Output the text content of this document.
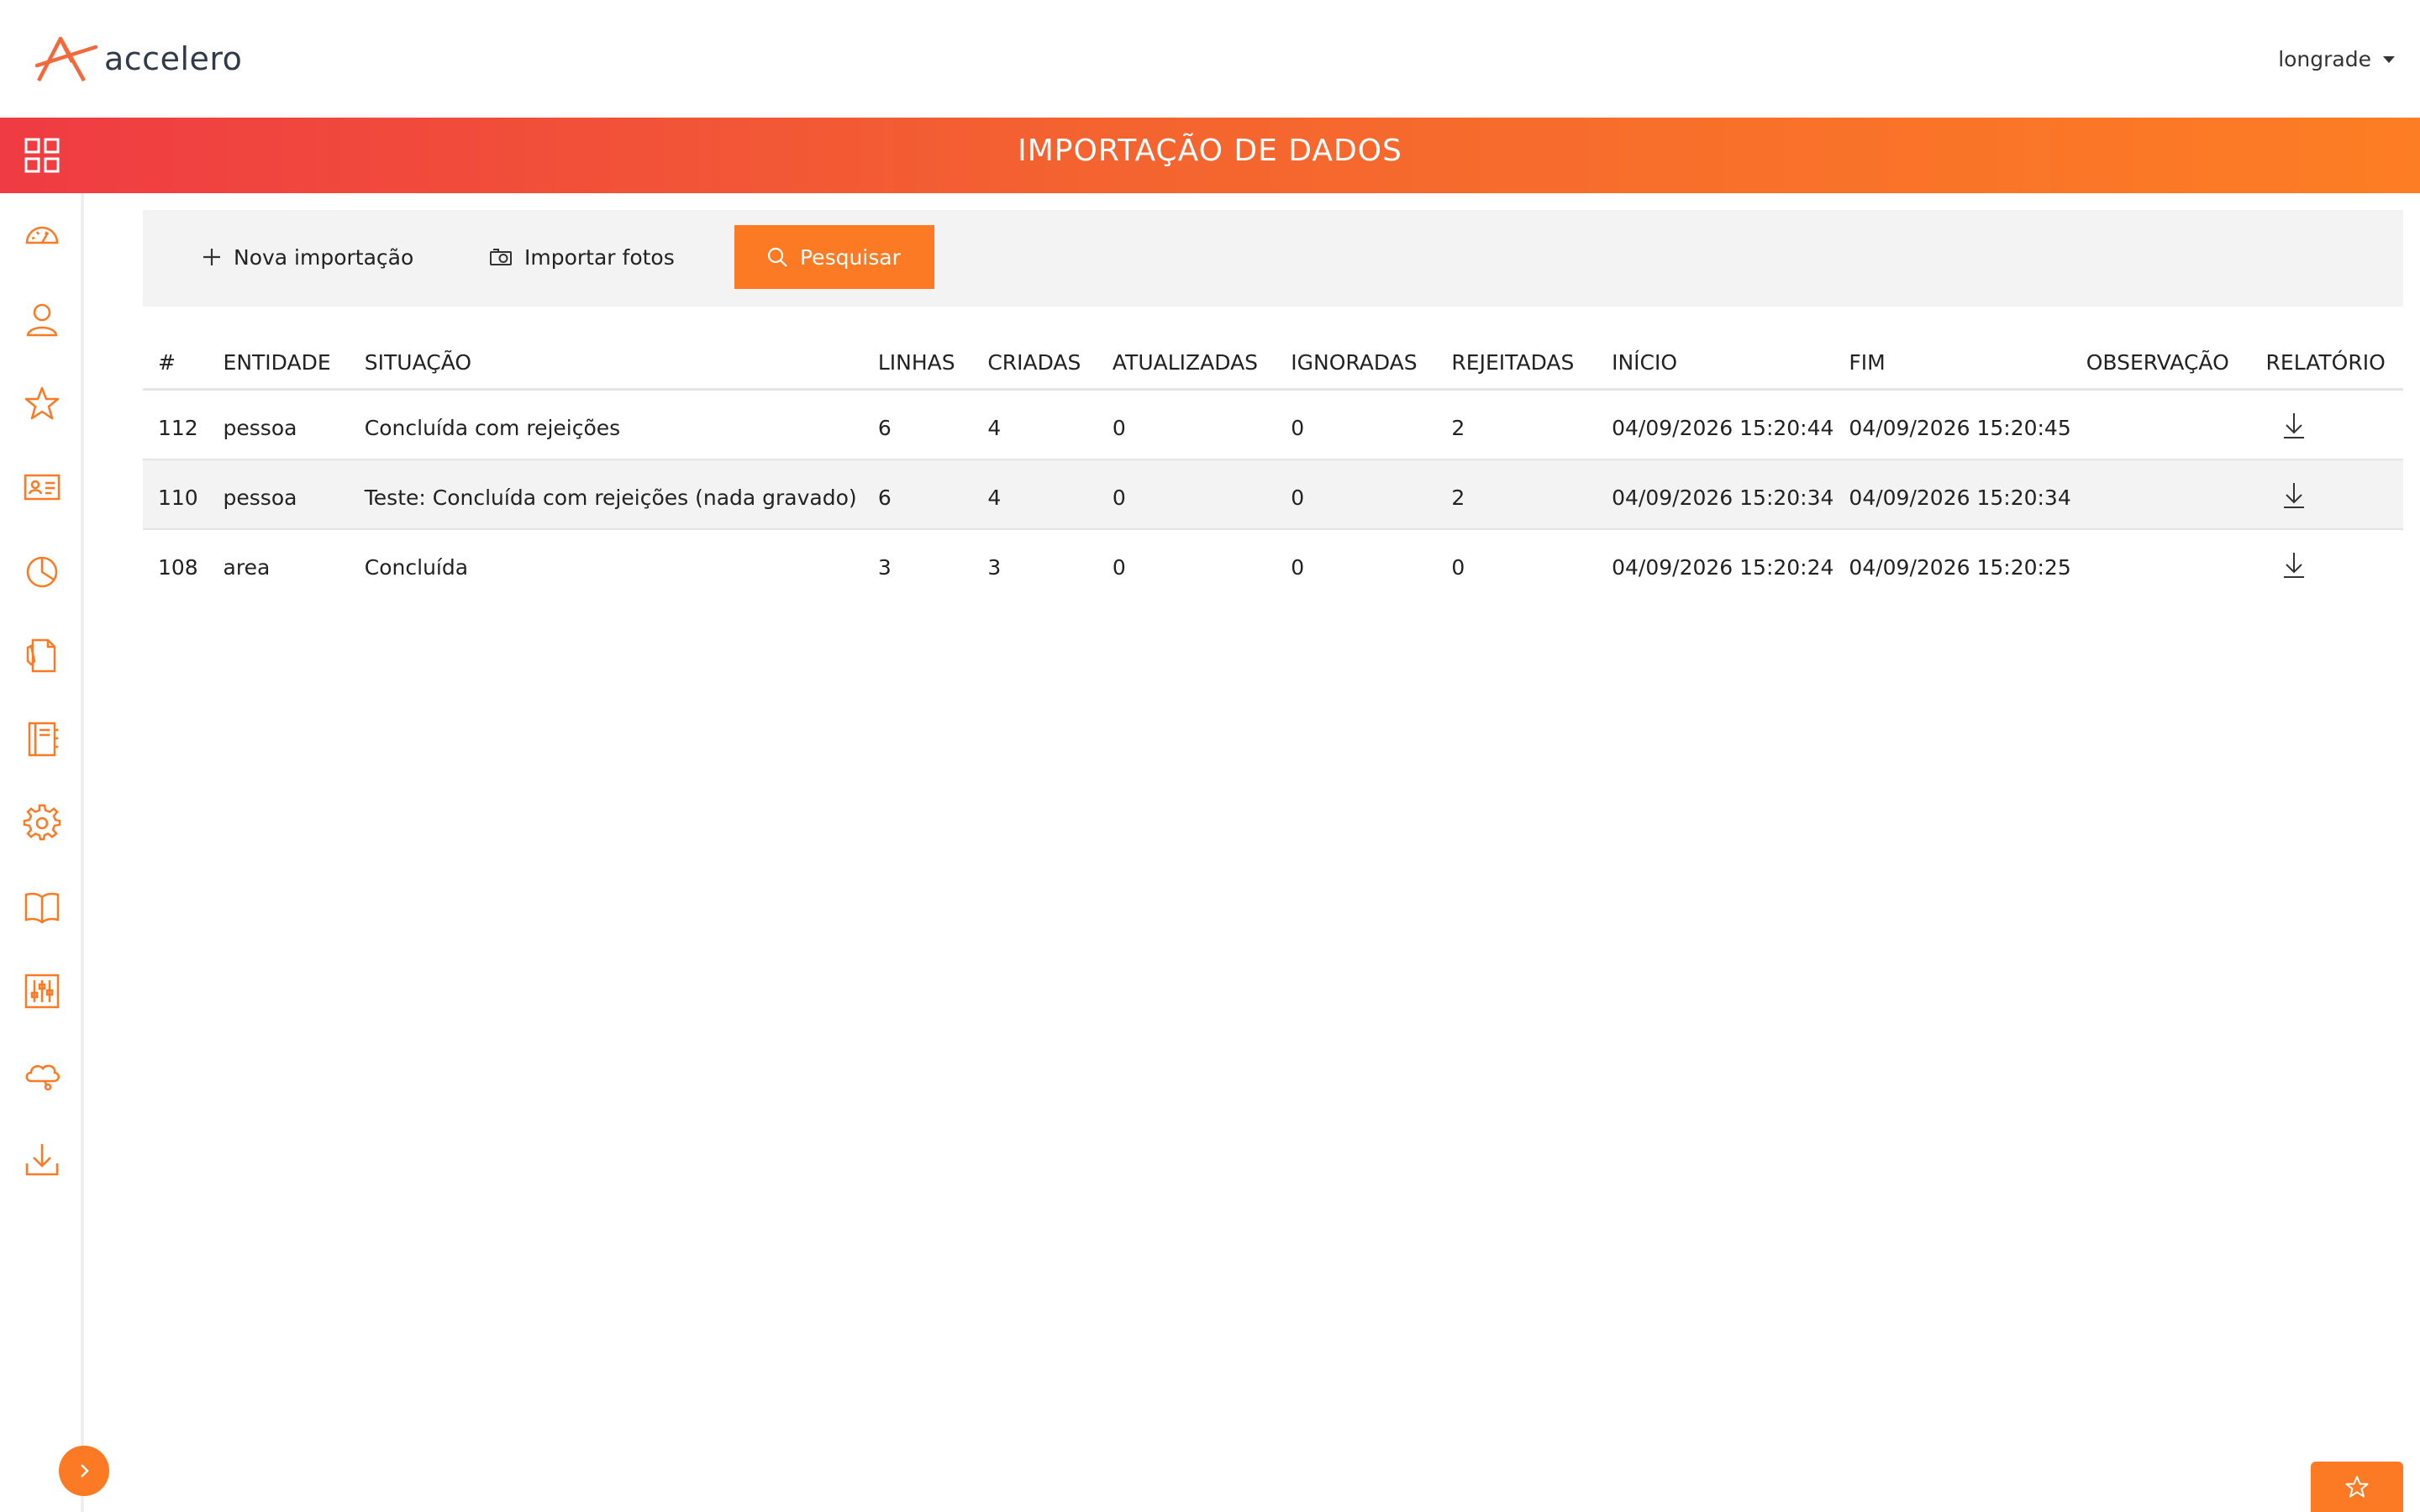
accelero	longrade
IMPORTAÇÃO DE DADOS
Nova importação	Importar fotos	Pesquisar
#	ENTIDADE	SITUAÇÃO	LINHAS	CRIADAS	ATUALIZADAS	IGNORADAS	REJEITADAS	INÍCIO	FIM	OBSERVAÇÃO	RELATÓRIO
112	pessoa	Concluída com rejeições	6	4	0	0	2	04/09/2026 15:20:44	04/09/2026 15:20:45		
110	pessoa	Teste: Concluída com rejeições (nada gravado)	6	4	0	0	2	04/09/2026 15:20:34	04/09/2026 15:20:34		
108	area	Concluída	3	3	0	0	0	04/09/2026 15:20:24	04/09/2026 15:20:25		
